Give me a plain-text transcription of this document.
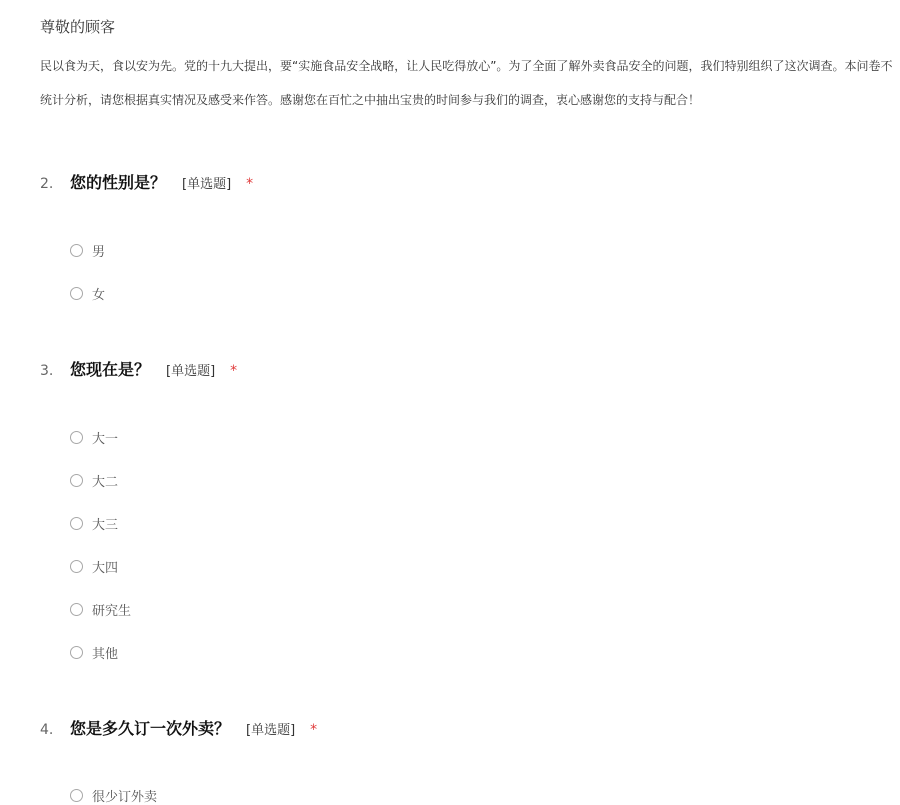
尊敬的顾客
民以食为天，食以安为先。党的十九大提出，要“实施食品安全战略，让人民吃得放心”。为了全面了解外卖食品安全的问题，我们特别组织了这次调查。本问卷不
统计分析，请您根据真实情况及感受来作答。感谢您在百忙之中抽出宝贵的时间参与我们的调查，衷心感谢您的支持与配合！
2.	您的性别是？ [单选题] *
男
女
3.	您现在是？ [单选题] *
大一
大二
大三
大四
研究生
其他
4.	您是多久订一次外卖？ [单选题] *
很少订外卖
